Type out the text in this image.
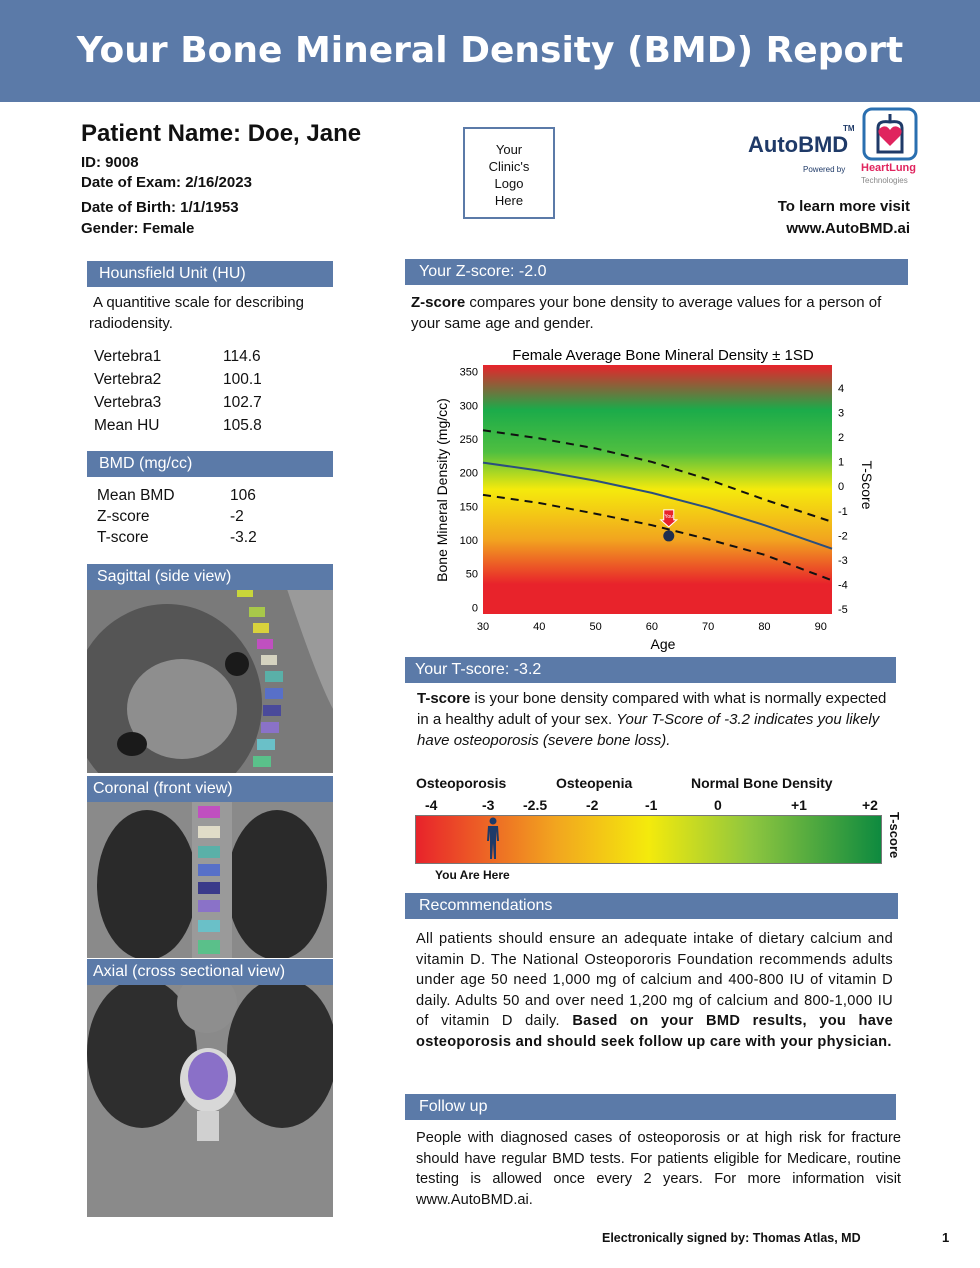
Your Bone Mineral Density (BMD) Report
Patient Name: Doe, Jane
ID: 9008
Date of Exam: 2/16/2023
Date of Birth: 1/1/1953
Gender: Female
Your
Clinic's
Logo
Here
AutoBMD
TM
Powered by HeartLung
Technologies
To learn more visit
www.AutoBMD.ai
Hounsfield Unit (HU)
A quantitive scale for describing radiodensity.
Vertebra1	114.6
Vertebra2	100.1
Vertebra3	102.7
Mean HU	105.8
BMD (mg/cc)
Mean BMD	106
Z-score	-2
T-score	-3.2
Sagittal (side view)
Coronal (front view)
Axial (cross sectional view)
Your Z-score: -2.0
Z-score compares your bone density to average values for a person of your same age and gender.
Female Average Bone Mineral Density ± 1SD
0
50
100
150
200
250
300
350
30	40	50	60	70	80	90
4
3
2
1
0
-1
-2
-3
-4
-5
Age
Bone Mineral Density (mg/cc)	T-Score
You
Your T-score: -3.2
T-score is your bone density compared with what is normally expected in a healthy adult of your sex. Your T-Score of -3.2 indicates you likely have osteoporosis (severe bone loss).
Osteoporosis	Osteopenia	Normal Bone Density
-4	-3 -2.5	-2	-1	0	+1	+2
T-score
You Are Here
Recommendations
All patients should ensure an adequate intake of dietary calcium and vitamin D. The National Osteopororis Foundation recommends adults under age 50 need 1,000 mg of calcium and 400-800 IU of vitamin D daily. Adults 50 and over need 1,200 mg of calcium and 800-1,000 IU of vitamin D daily. Based on your BMD results, you have osteoporosis and should seek follow up care with your physician.
Follow up
People with diagnosed cases of osteoporosis or at high risk for fracture should have regular BMD tests. For patients eligible for Medicare, routine testing is allowed once every 2 years. For more information visit www.AutoBMD.ai.
Electronically signed by: Thomas Atlas, MD	1
